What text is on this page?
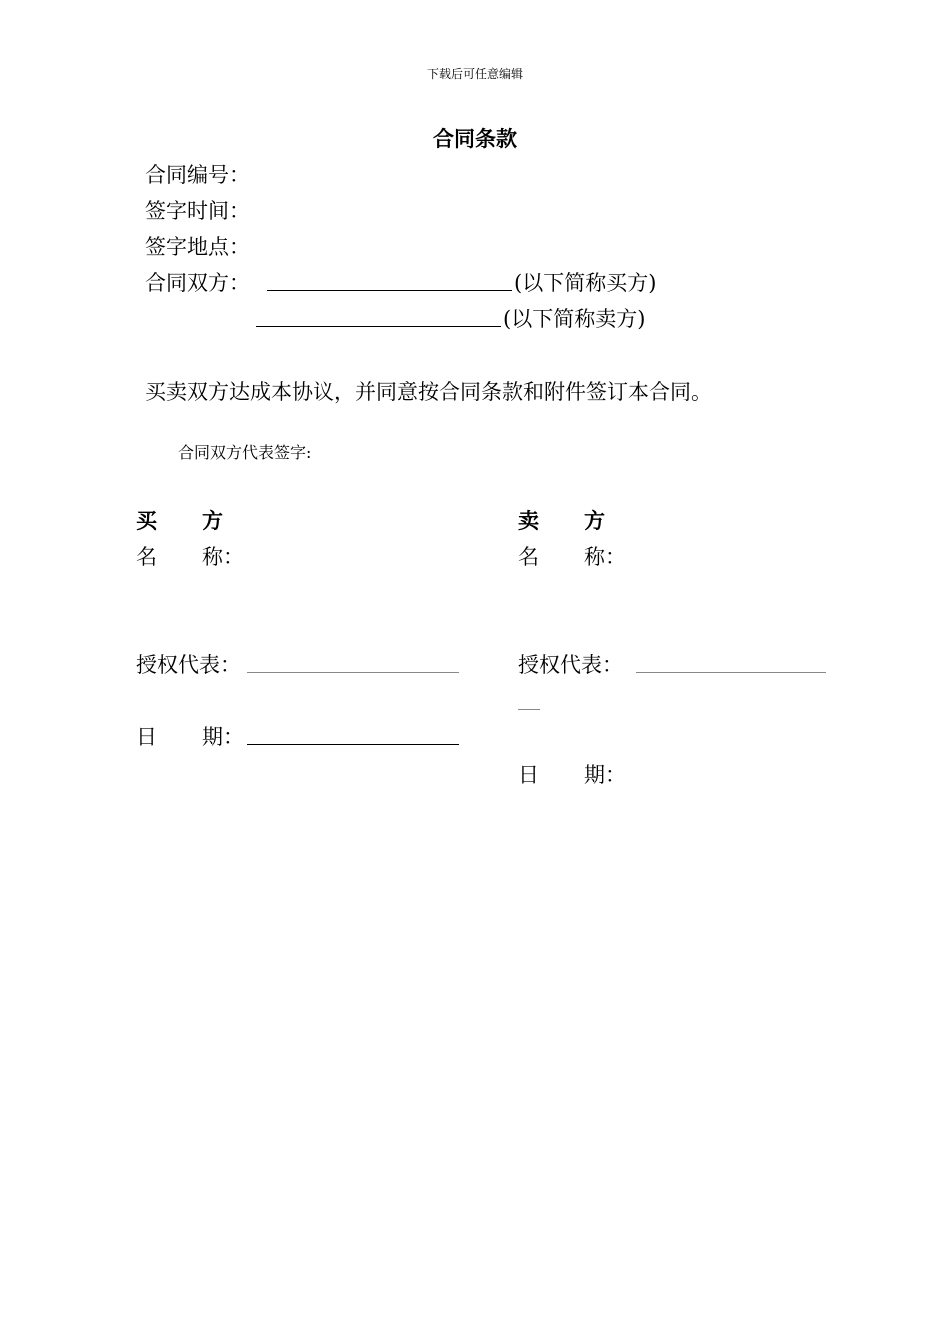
下载后可任意编辑
合同条款
合同编号：
签字时间：
签字地点：
合同双方：	(以下简称买方)
(以下简称卖方)
买卖双方达成本协议，并同意按合同条款和附件签订本合同。
合同双方代表签字:
买 方
名 称：
授权代表：
日 期：
卖 方
名 称：
授权代表：
日 期：
